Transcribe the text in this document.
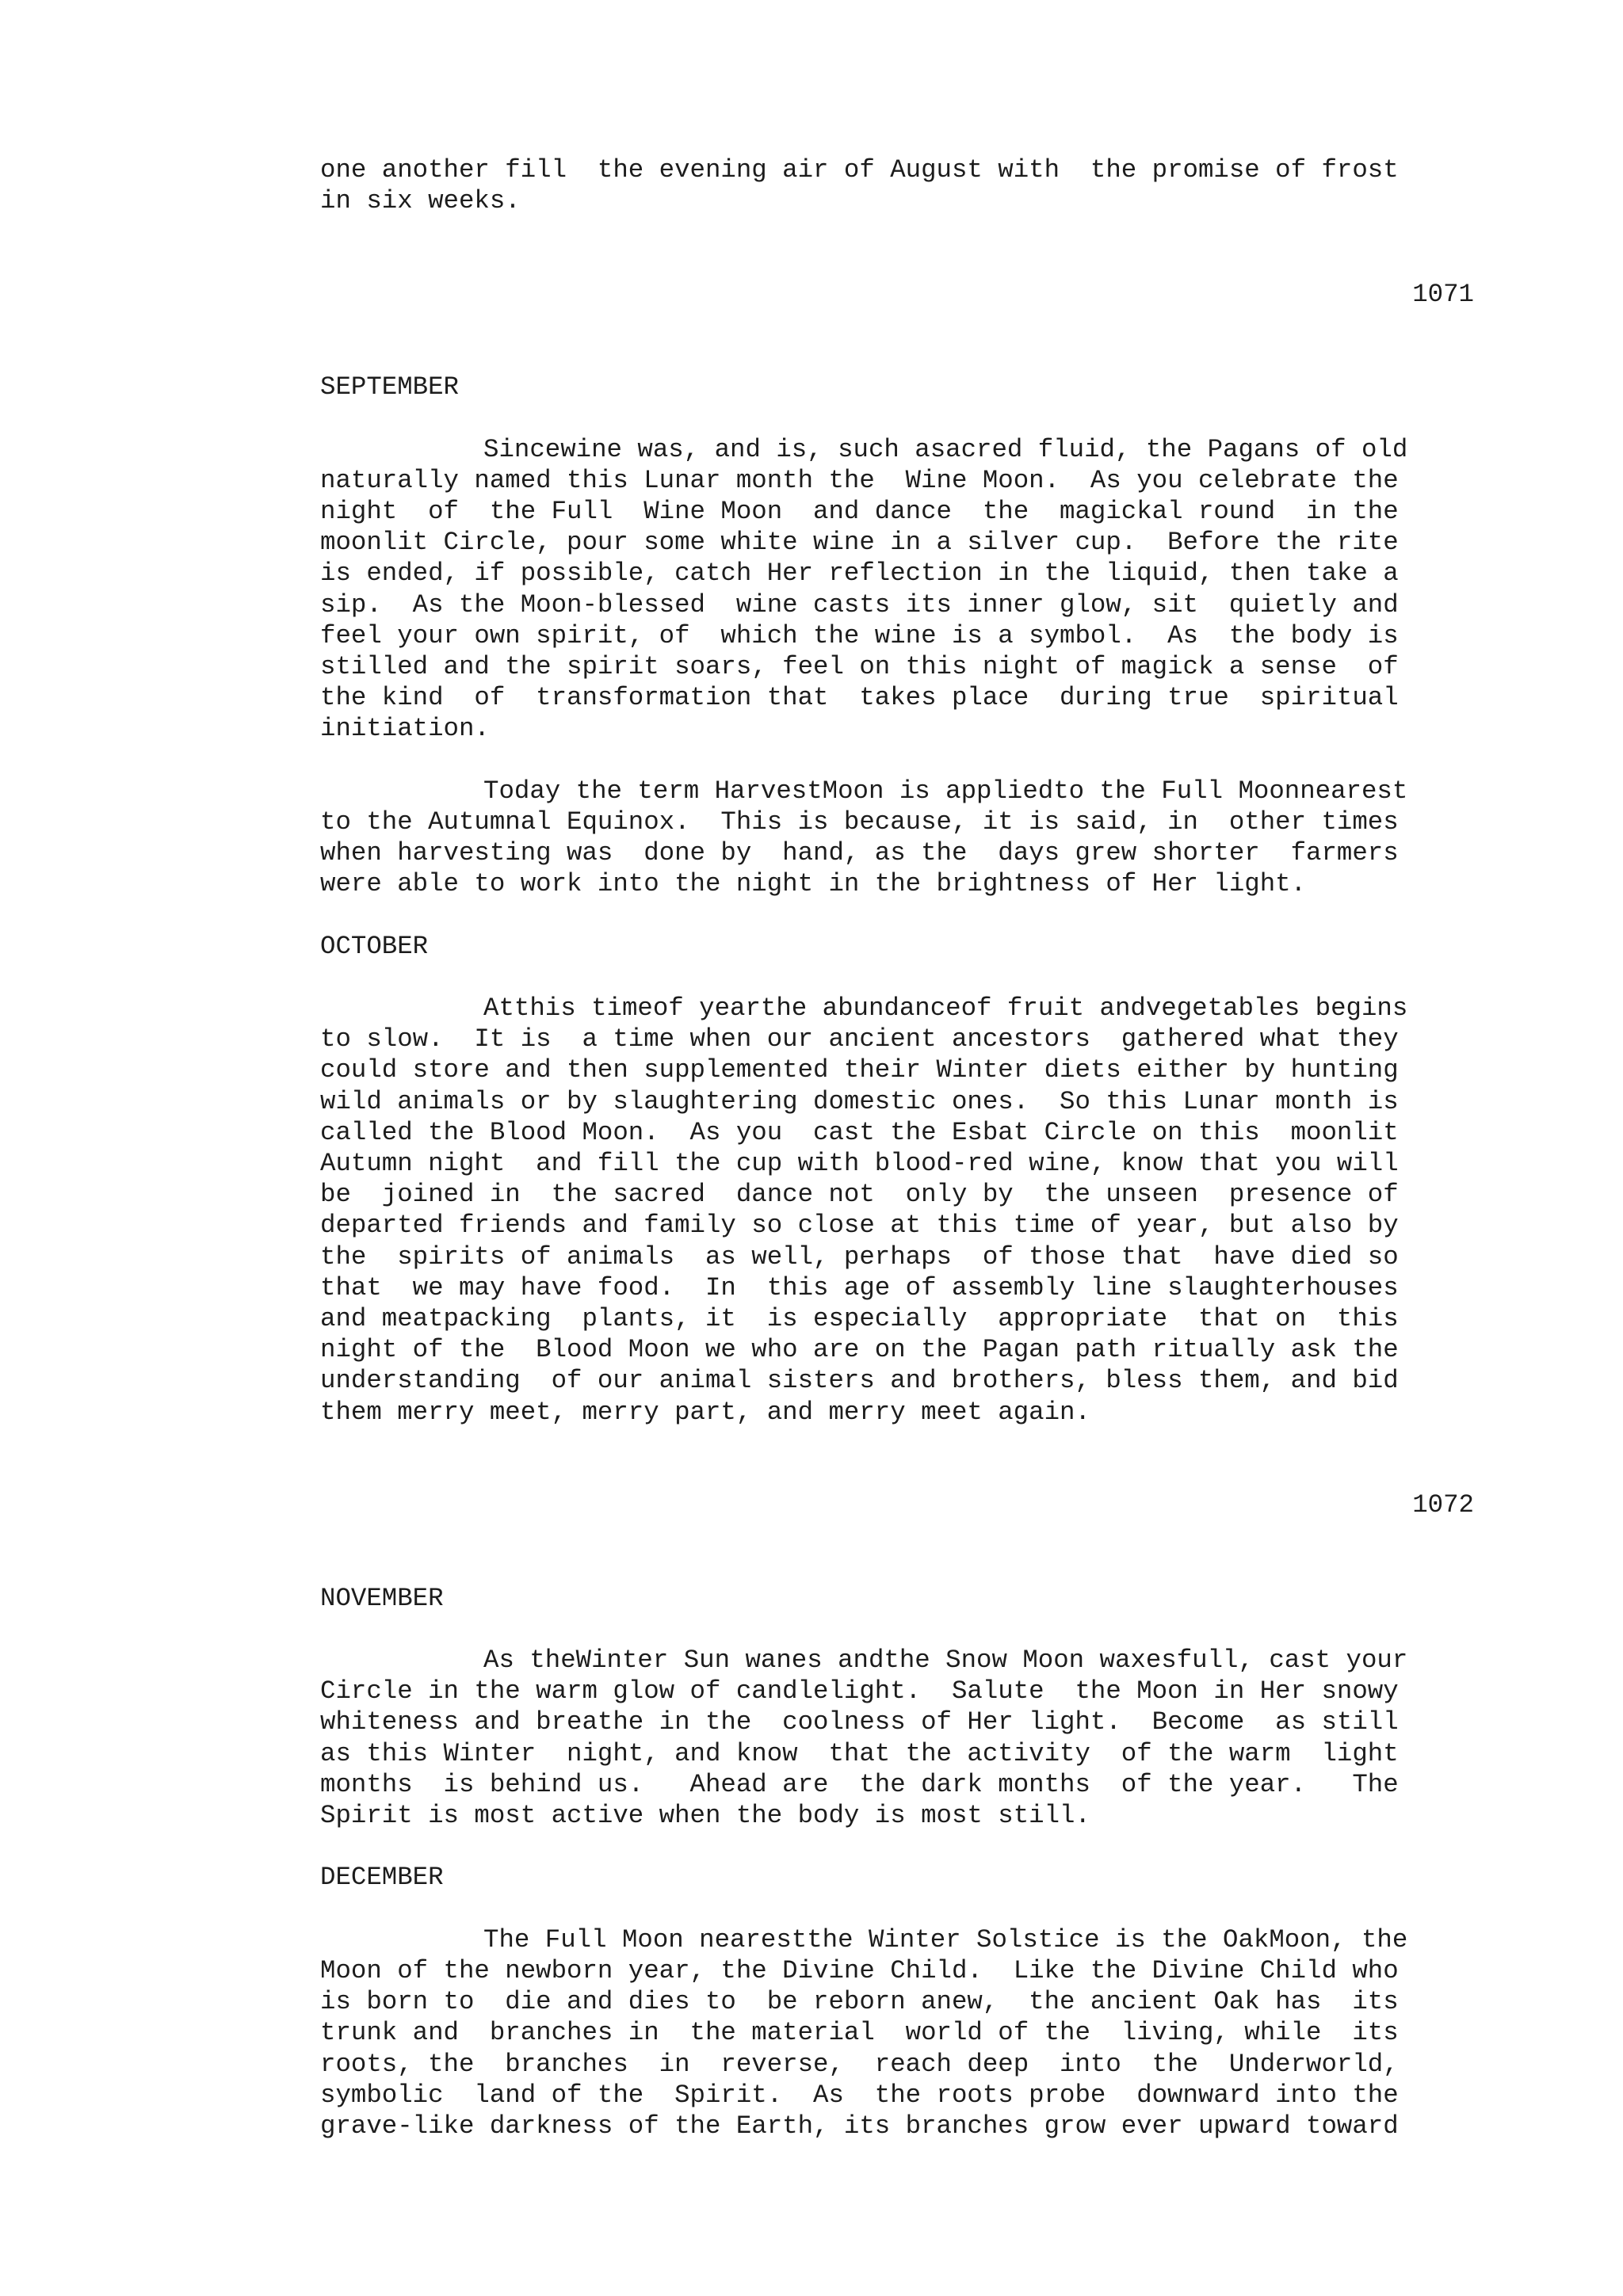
one another fill  the evening air of August with  the promise of frost
in six weeks.
1071
SEPTEMBER
Sincewine was, and is, such asacred fluid, the Pagans of old
naturally named this Lunar month the  Wine Moon.  As you celebrate the
night  of  the Full  Wine Moon  and dance  the  magickal round  in the
moonlit Circle, pour some white wine in a silver cup.  Before the rite
is ended, if possible, catch Her reflection in the liquid, then take a
sip.  As the Moon-blessed  wine casts its inner glow, sit  quietly and
feel your own spirit, of  which the wine is a symbol.  As  the body is
stilled and the spirit soars, feel on this night of magick a sense  of
the kind  of  transformation that  takes place  during true  spiritual
initiation.
Today the term HarvestMoon is appliedto the Full Moonnearest
to the Autumnal Equinox.  This is because, it is said, in  other times
when harvesting was  done by  hand, as the  days grew shorter  farmers
were able to work into the night in the brightness of Her light.
OCTOBER
Atthis timeof yearthe abundanceof fruit andvegetables begins
to slow.  It is  a time when our ancient ancestors  gathered what they
could store and then supplemented their Winter diets either by hunting
wild animals or by slaughtering domestic ones.  So this Lunar month is
called the Blood Moon.  As you  cast the Esbat Circle on this  moonlit
Autumn night  and fill the cup with blood-red wine, know that you will
be  joined in  the sacred  dance not  only by  the unseen  presence of
departed friends and family so close at this time of year, but also by
the  spirits of animals  as well, perhaps  of those that  have died so
that  we may have food.  In  this age of assembly line slaughterhouses
and meatpacking  plants, it  is especially  appropriate  that on  this
night of the  Blood Moon we who are on the Pagan path ritually ask the
understanding  of our animal sisters and brothers, bless them, and bid
them merry meet, merry part, and merry meet again.
1072
NOVEMBER
As theWinter Sun wanes andthe Snow Moon waxesfull, cast your
Circle in the warm glow of candlelight.  Salute  the Moon in Her snowy
whiteness and breathe in the  coolness of Her light.  Become  as still
as this Winter  night, and know  that the activity  of the warm  light
months  is behind us.   Ahead are  the dark months  of the year.   The
Spirit is most active when the body is most still.
DECEMBER
The Full Moon nearestthe Winter Solstice is the OakMoon, the
Moon of the newborn year, the Divine Child.  Like the Divine Child who
is born to  die and dies to  be reborn anew,  the ancient Oak has  its
trunk and  branches in  the material  world of the  living, while  its
roots, the  branches  in  reverse,  reach deep  into  the  Underworld,
symbolic  land of the  Spirit.  As  the roots probe  downward into the
grave-like darkness of the Earth, its branches grow ever upward toward
